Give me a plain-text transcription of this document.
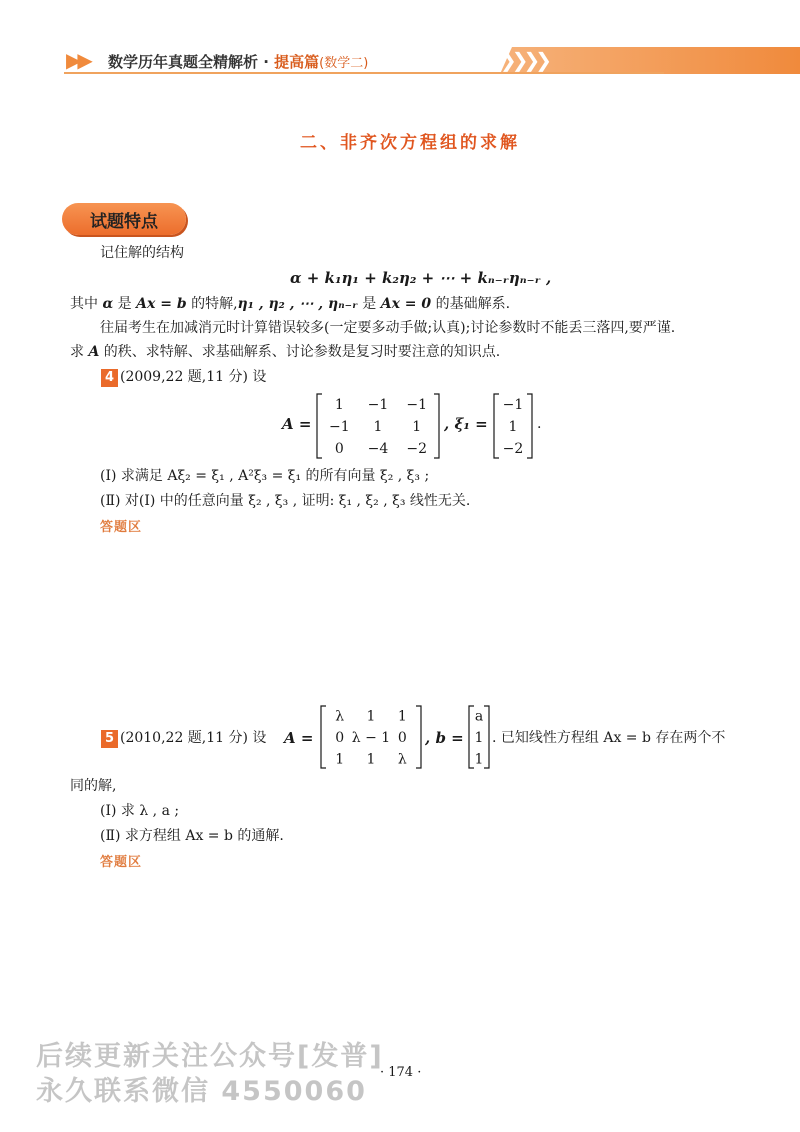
❯❯❯❯
▶▶ 数学历年真题全精解析 · 提高篇(数学二)
二、非齐次方程组的求解
试题特点
记住解的结构
α + k₁η₁ + k₂η₂ + ⋯ + kₙ₋ᵣηₙ₋ᵣ ,
其中 α 是 Ax = b 的特解,η₁ , η₂ , ⋯ , ηₙ₋ᵣ 是 Ax = 0 的基础解系.
往届考生在加减消元时计算错误较多(一定要多动手做;认真);讨论参数时不能丢三落四,要严谨.
求 A 的秩、求特解、求基础解系、讨论参数是复习时要注意的知识点.
4 (2009,22 题,11 分) 设
A =
1 −1 −1
−1 1 1
0 −4 −2
, ξ₁ =
−1
1
−2
.
(Ⅰ) 求满足 Aξ₂ = ξ₁ , A²ξ₃ = ξ₁ 的所有向量 ξ₂ , ξ₃ ;
(Ⅱ) 对(Ⅰ) 中的任意向量 ξ₂ , ξ₃ , 证明: ξ₁ , ξ₂ , ξ₃ 线性无关.
答题区
5 (2010,22 题,11 分) 设 A =
λ 1 1
0 λ − 1 0
1 1 λ
, b =
a
1
1
. 已知线性方程组 Ax = b 存在两个不
同的解,
(Ⅰ) 求 λ , a ;
(Ⅱ) 求方程组 Ax = b 的通解.
答题区
· 174 ·
后续更新关注公众号[发普]
永久联系微信 4550060
